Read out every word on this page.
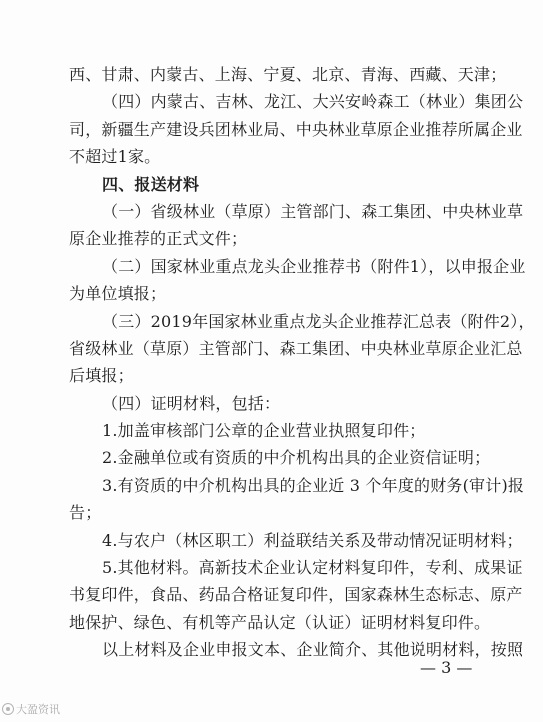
西、甘肃、内蒙古、上海、宁夏、北京、青海、西藏、天津；
（四）内蒙古、吉林、龙江、大兴安岭森工（林业）集团公
司，新疆生产建设兵团林业局、中央林业草原企业推荐所属企业
不超过1家。
四、报送材料
（一）省级林业（草原）主管部门、森工集团、中央林业草
原企业推荐的正式文件；
（二）国家林业重点龙头企业推荐书（附件1），以申报企业
为单位填报；
（三）2019年国家林业重点龙头企业推荐汇总表（附件2），
省级林业（草原）主管部门、森工集团、中央林业草原企业汇总
后填报；
（四）证明材料，包括：
1.加盖审核部门公章的企业营业执照复印件；
2.金融单位或有资质的中介机构出具的企业资信证明；
3.有资质的中介机构出具的企业近 3 个年度的财务(审计)报
告；
4.与农户（林区职工）利益联结关系及带动情况证明材料；
5.其他材料。高新技术企业认定材料复印件，专利、成果证
书复印件，食品、药品合格证复印件，国家森林生态标志、原产
地保护、绿色、有机等产品认定（认证）证明材料复印件。
以上材料及企业申报文本、企业简介、其他说明材料，按照
— 3 —
大盈资讯
